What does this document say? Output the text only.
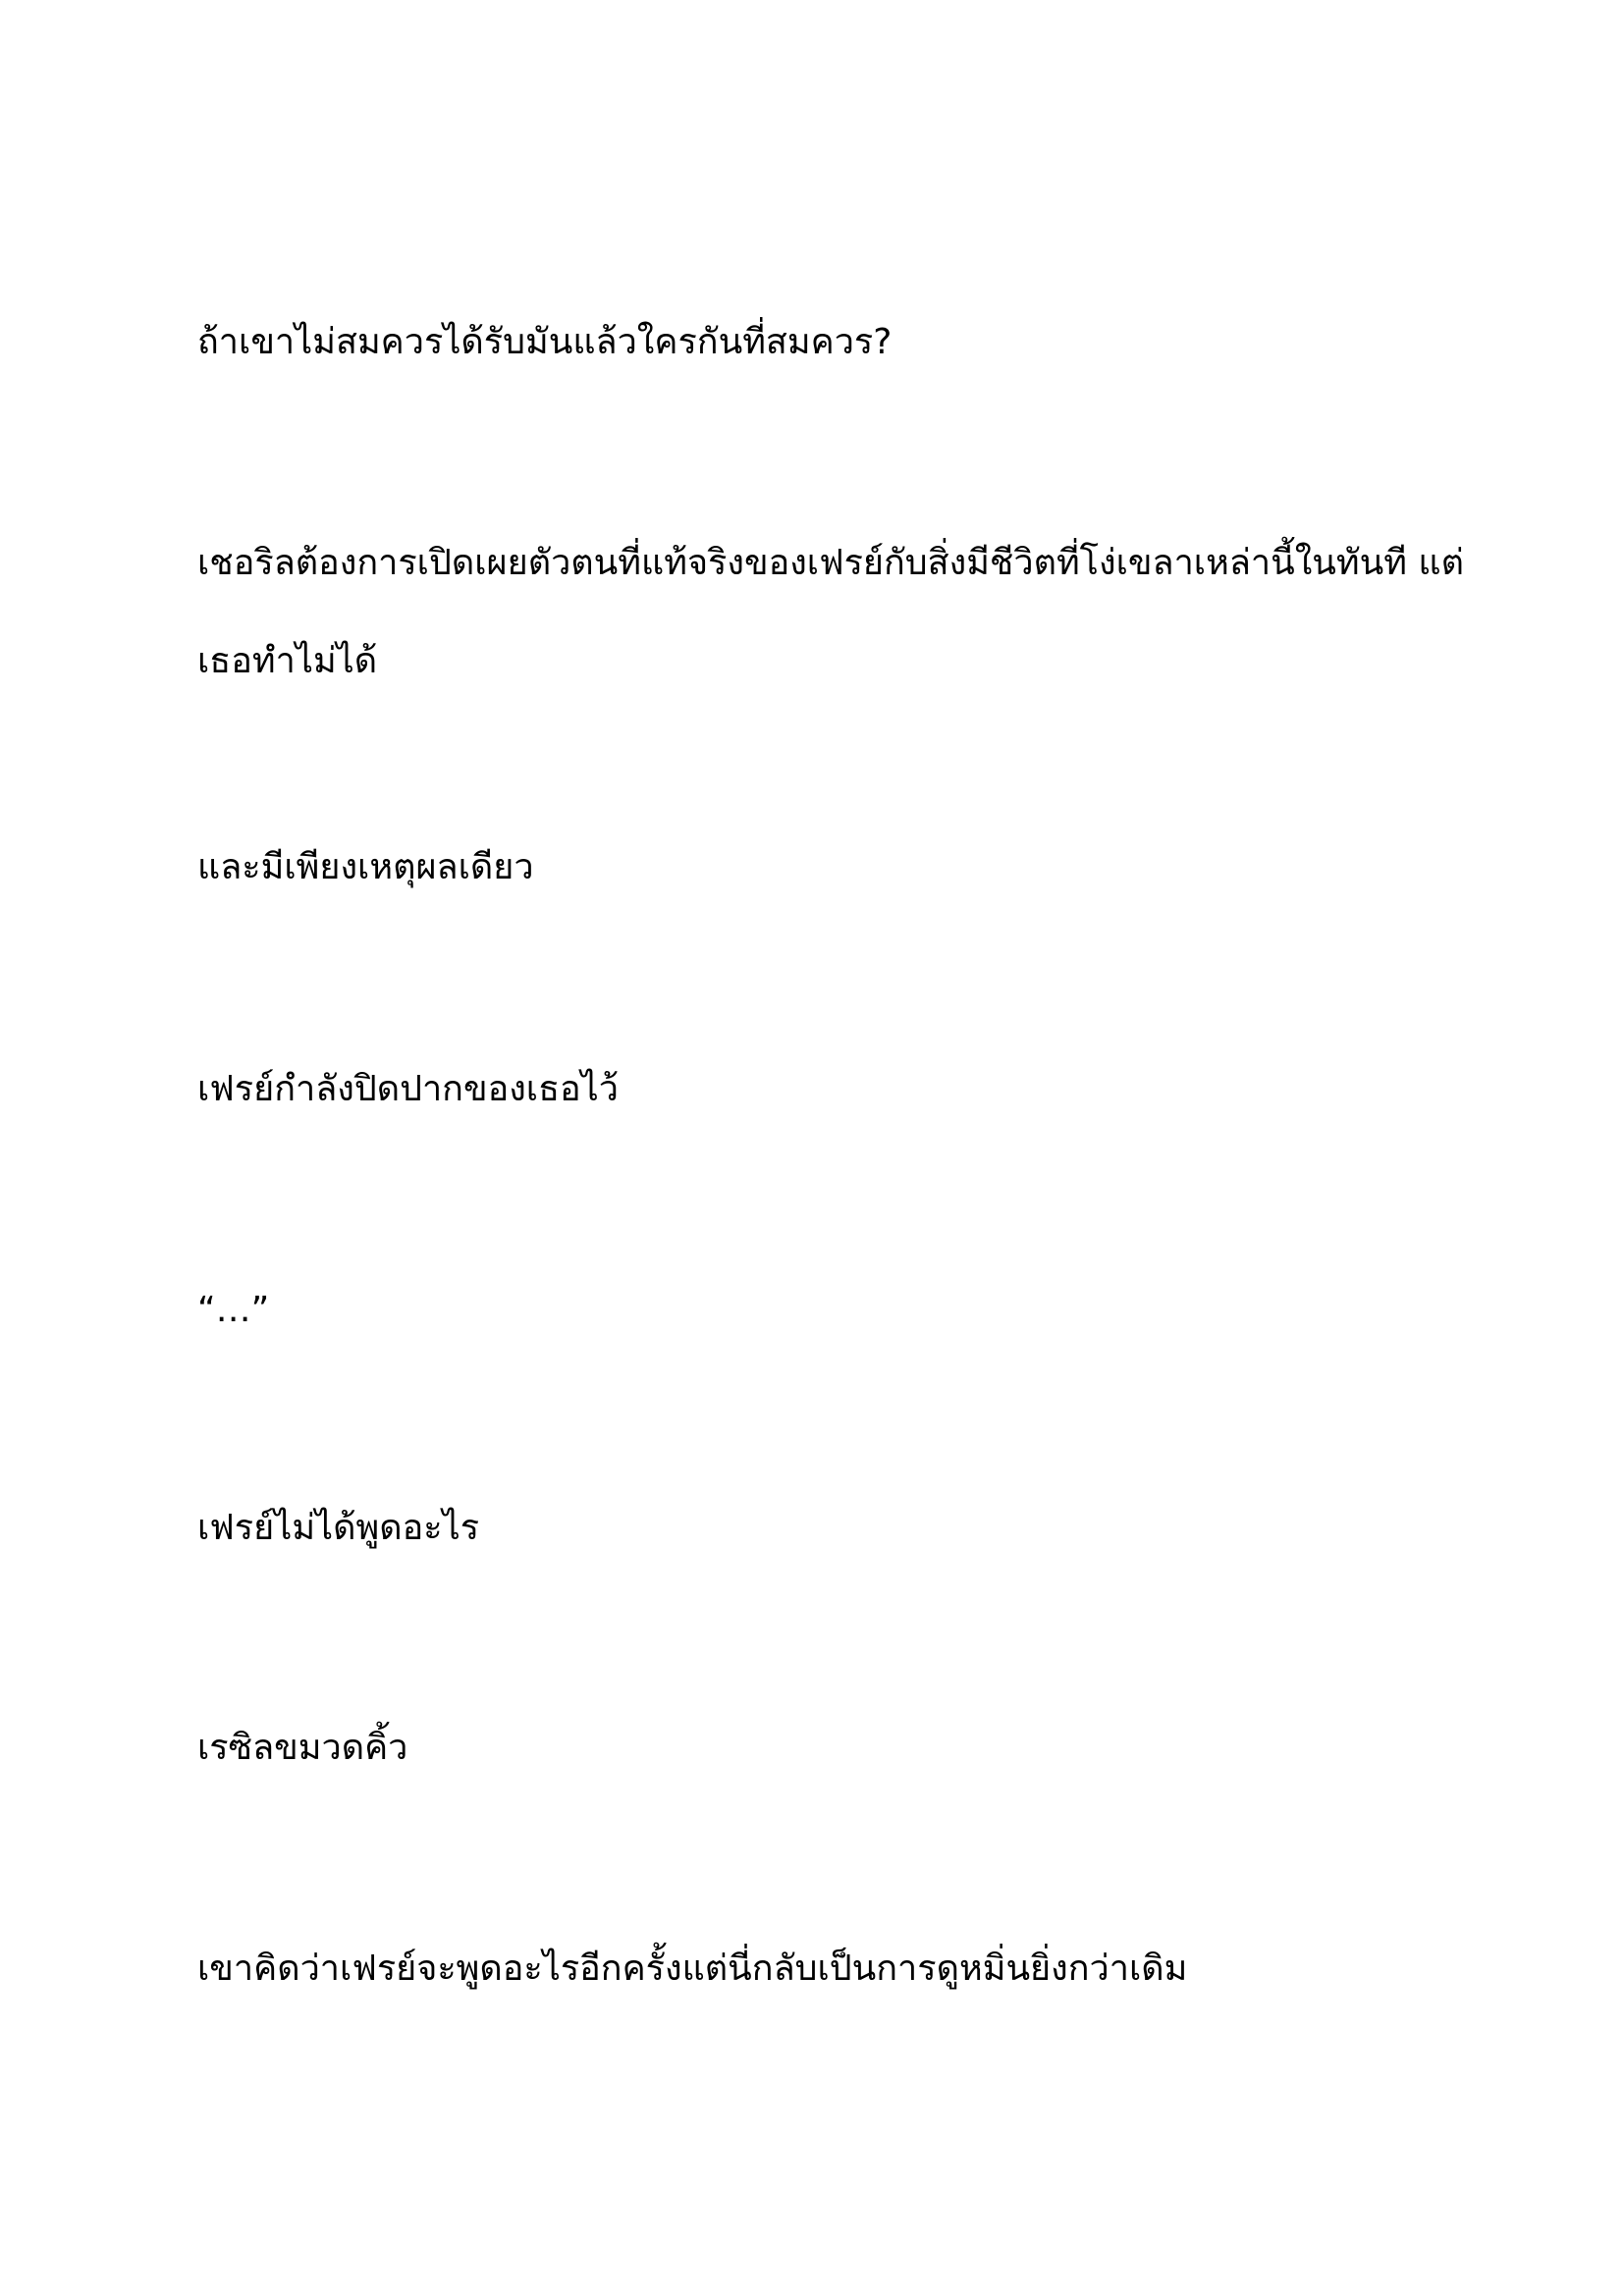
ถ้าเขาไม่สมควรได้รับมันแล้วใครกันที่สมควร?

เชอริลต้องการเปิดเผยตัวตนที่แท้จริงของเฟรย์กับสิ่งมีชีวิตที่โง่เขลาเหล่านี้ในทันที แต่
เธอทำไม่ได้

และมีเพียงเหตุผลเดียว

เฟรย์กำลังปิดปากของเธอไว้

“…”

เฟรย์ไม่ได้พูดอะไร

เรซิลขมวดคิ้ว

เขาคิดว่าเฟรย์จะพูดอะไรอีกครั้งแต่นี่กลับเป็นการดูหมิ่นยิ่งกว่าเดิม
